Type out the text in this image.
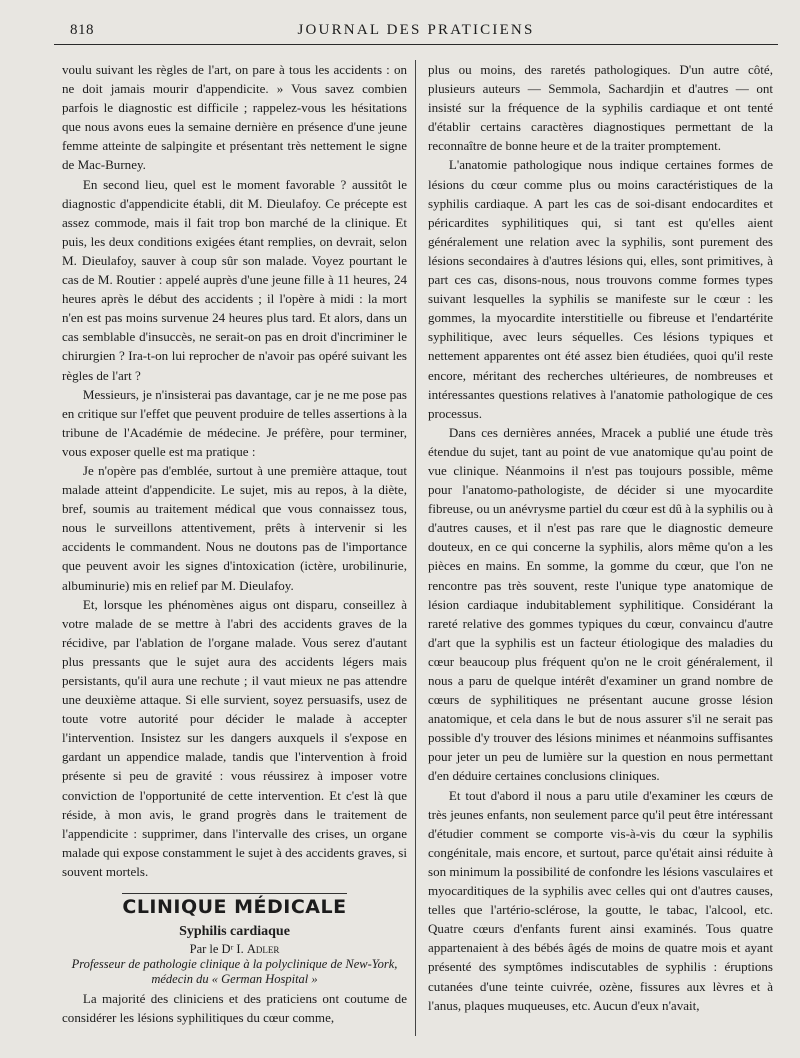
818	JOURNAL DES PRATICIENS

voulu suivant les règles de l'art, on pare à tous les accidents : on ne doit jamais mourir d'appendicite. » Vous savez combien parfois le diagnostic est difficile ; rappelez-vous les hésitations que nous avons eues la semaine dernière en présence d'une jeune femme atteinte de salpingite et présentant très nettement le signe de Mac-Burney.

En second lieu, quel est le moment favorable ? aussitôt le diagnostic d'appendicite établi, dit M. Dieulafoy. Ce précepte est assez commode, mais il fait trop bon marché de la clinique. Et puis, les deux conditions exigées étant remplies, on devrait, selon M. Dieulafoy, sauver à coup sûr son malade. Voyez pourtant le cas de M. Routier : appelé auprès d'une jeune fille à 11 heures, 24 heures après le début des accidents ; il l'opère à midi : la mort n'en est pas moins survenue 24 heures plus tard. Et alors, dans un cas semblable d'insuccès, ne serait-on pas en droit d'incriminer le chirurgien ? Ira-t-on lui reprocher de n'avoir pas opéré suivant les règles de l'art ?

Messieurs, je n'insisterai pas davantage, car je ne me pose pas en critique sur l'effet que peuvent produire de telles assertions à la tribune de l'Académie de médecine. Je préfère, pour terminer, vous exposer quelle est ma pratique :

Je n'opère pas d'emblée, surtout à une première attaque, tout malade atteint d'appendicite. Le sujet, mis au repos, à la diète, bref, soumis au traitement médical que vous connaissez tous, nous le surveillons attentivement, prêts à intervenir si les accidents le commandent. Nous ne doutons pas de l'importance que peuvent avoir les signes d'intoxication (ictère, urobilinurie, albuminurie) mis en relief par M. Dieulafoy.

Et, lorsque les phénomènes aigus ont disparu, conseillez à votre malade de se mettre à l'abri des accidents graves de la récidive, par l'ablation de l'organe malade. Vous serez d'autant plus pressants que le sujet aura des accidents légers mais persistants, qu'il aura une rechute ; il vaut mieux ne pas attendre une deuxième attaque. Si elle survient, soyez persuasifs, usez de toute votre autorité pour décider le malade à accepter l'intervention. Insistez sur les dangers auxquels il s'expose en gardant un appendice malade, tandis que l'intervention à froid présente si peu de gravité : vous réussirez à imposer votre conviction de l'opportunité de cette intervention. Et c'est là que réside, à mon avis, le grand progrès dans le traitement de l'appendicite : supprimer, dans l'intervalle des crises, un organe malade qui expose constamment le sujet à des accidents graves, si souvent mortels.

CLINIQUE MÉDICALE
Syphilis cardiaque
Par le Dʳ I. Adler
Professeur de pathologie clinique à la polyclinique de New-York, médecin du « German Hospital »

La majorité des cliniciens et des praticiens ont coutume de considérer les lésions syphilitiques du cœur comme,

plus ou moins, des raretés pathologiques. D'un autre côté, plusieurs auteurs — Semmola, Sachardjin et d'autres — ont insisté sur la fréquence de la syphilis cardiaque et ont tenté d'établir certains caractères diagnostiques permettant de la reconnaître de bonne heure et de la traiter promptement.

L'anatomie pathologique nous indique certaines formes de lésions du cœur comme plus ou moins caractéristiques de la syphilis cardiaque. A part les cas de soi-disant endocardites et péricardites syphilitiques qui, si tant est qu'elles aient généralement une relation avec la syphilis, sont purement des lésions secondaires à d'autres lésions qui, elles, sont primitives, à part ces cas, disons-nous, nous trouvons comme formes types suivant lesquelles la syphilis se manifeste sur le cœur : les gommes, la myocardite interstitielle ou fibreuse et l'endartérite syphilitique, avec leurs séquelles. Ces lésions typiques et nettement apparentes ont été assez bien étudiées, quoi qu'il reste encore, méritant des recherches ultérieures, de nombreuses et intéressantes questions relatives à l'anatomie pathologique de ces processus.

Dans ces dernières années, Mracek a publié une étude très étendue du sujet, tant au point de vue anatomique qu'au point de vue clinique. Néanmoins il n'est pas toujours possible, même pour l'anatomo-pathologiste, de décider si une myocardite fibreuse, ou un anévrysme partiel du cœur est dû à la syphilis ou à d'autres causes, et il n'est pas rare que le diagnostic demeure douteux, en ce qui concerne la syphilis, alors même qu'on a les pièces en mains. En somme, la gomme du cœur, que l'on ne rencontre pas très souvent, reste l'unique type anatomique de lésion cardiaque indubitablement syphilitique. Considérant la rareté relative des gommes typiques du cœur, convaincu d'autre d'art que la syphilis est un facteur étiologique des maladies du cœur beaucoup plus fréquent qu'on ne le croit généralement, il nous a paru de quelque intérêt d'examiner un grand nombre de cœurs de syphilitiques ne présentant aucune grosse lésion anatomique, et cela dans le but de nous assurer s'il ne serait pas possible d'y trouver des lésions minimes et néanmoins suffisantes pour jeter un peu de lumière sur la question en nous permettant d'en déduire certaines conclusions cliniques.

Et tout d'abord il nous a paru utile d'examiner les cœurs de très jeunes enfants, non seulement parce qu'il peut être intéressant d'étudier comment se comporte vis-à-vis du cœur la syphilis congénitale, mais encore, et surtout, parce qu'était ainsi réduite à son minimum la possibilité de confondre les lésions vasculaires et myocarditiques de la syphilis avec celles qui ont d'autres causes, telles que l'artério-sclérose, la goutte, le tabac, l'alcool, etc. Quatre cœurs d'enfants furent ainsi examinés. Tous quatre appartenaient à des bébés âgés de moins de quatre mois et ayant présenté des symptômes indiscutables de syphilis : éruptions cutanées d'une teinte cuivrée, ozène, fissures aux lèvres et à l'anus, plaques muqueuses, etc. Aucun d'eux n'avait,
